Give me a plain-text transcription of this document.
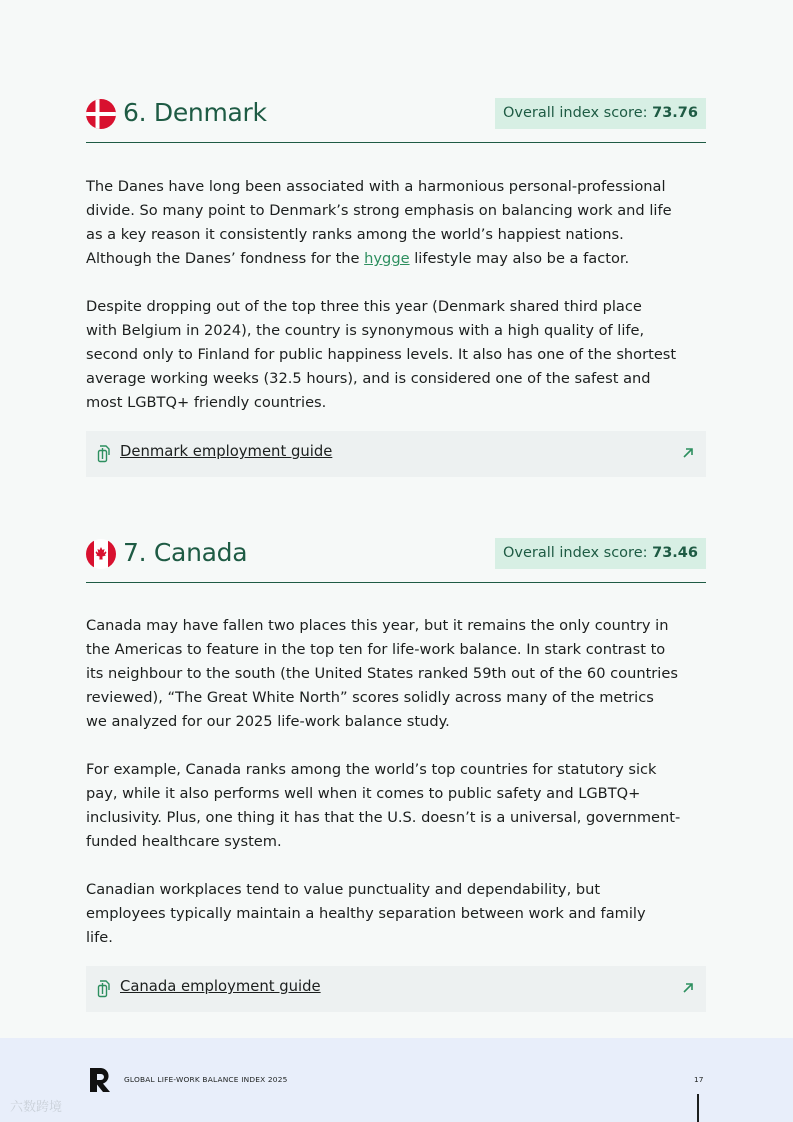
6. Denmark	Overall index score: 73.76
The Danes have long been associated with a harmonious personal-professional
divide. So many point to Denmark’s strong emphasis on balancing work and life
as a key reason it consistently ranks among the world’s happiest nations.
Although the Danes’ fondness for the hygge lifestyle may also be a factor.
Despite dropping out of the top three this year (Denmark shared third place
with Belgium in 2024), the country is synonymous with a high quality of life,
second only to Finland for public happiness levels. It also has one of the shortest
average working weeks (32.5 hours), and is considered one of the safest and
most LGBTQ+ friendly countries.
Denmark employment guide
7. Canada	Overall index score: 73.46
Canada may have fallen two places this year, but it remains the only country in
the Americas to feature in the top ten for life-work balance. In stark contrast to
its neighbour to the south (the United States ranked 59th out of the 60 countries
reviewed), “The Great White North” scores solidly across many of the metrics
we analyzed for our 2025 life-work balance study.
For example, Canada ranks among the world’s top countries for statutory sick
pay, while it also performs well when it comes to public safety and LGBTQ+
inclusivity. Plus, one thing it has that the U.S. doesn’t is a universal, government-
funded healthcare system.
Canadian workplaces tend to value punctuality and dependability, but
employees typically maintain a healthy separation between work and family
life.
Canada employment guide
GLOBAL LIFE-WORK BALANCE INDEX 2025	17
六数跨境
